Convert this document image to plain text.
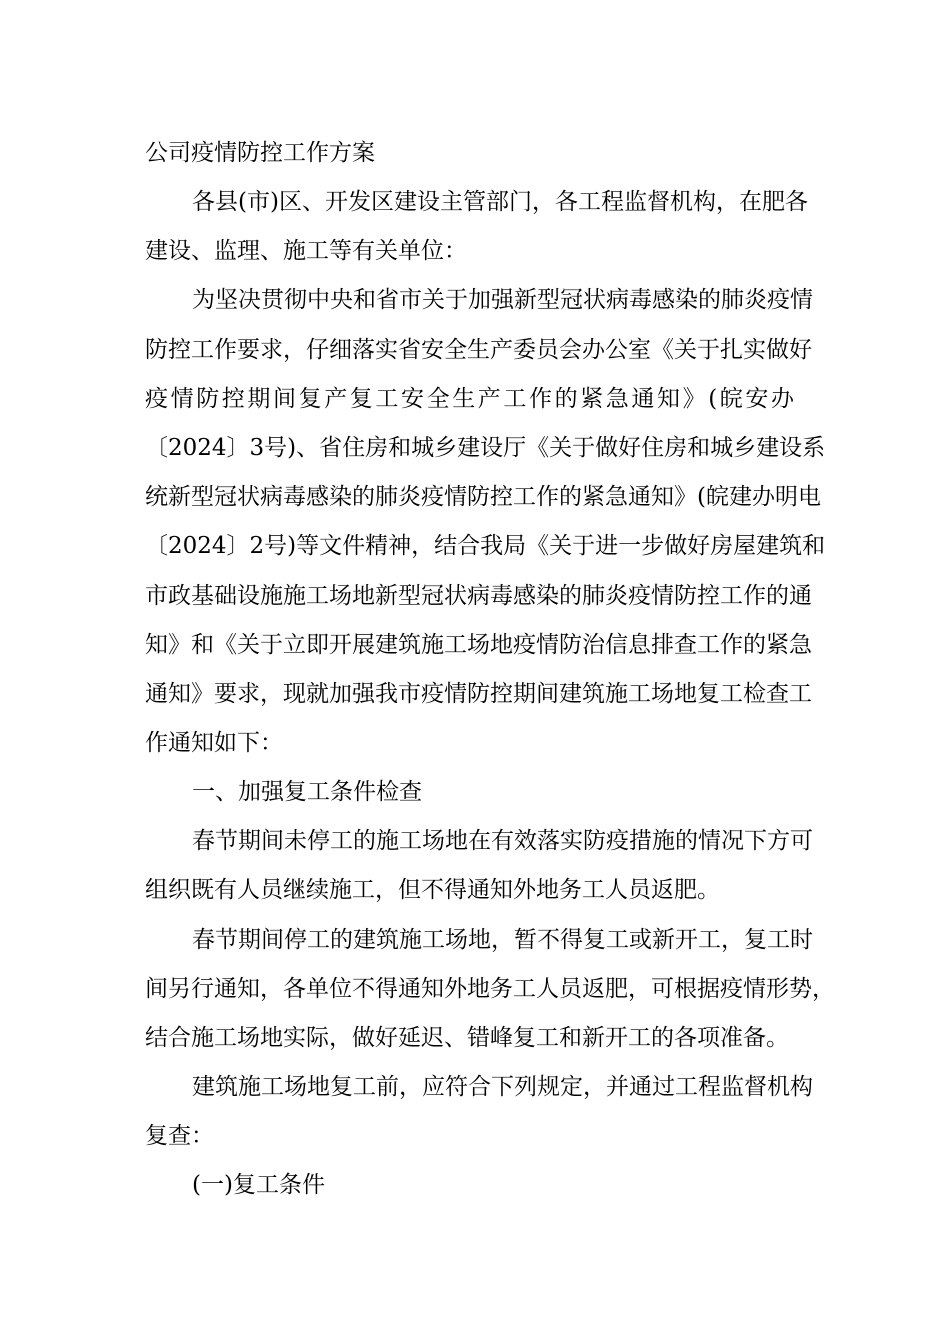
公司疫情防控工作方案

各县(市)区、开发区建设主管部门，各工程监督机构，在肥各

建设、监理、施工等有关单位：

为坚决贯彻中央和省市关于加强新型冠状病毒感染的肺炎疫情

防控工作要求，仔细落实省安全生产委员会办公室《关于扎实做好

疫情防控期间复产复工安全生产工作的紧急通知》(皖安办

〔2024〕3号)、省住房和城乡建设厅《关于做好住房和城乡建设系

统新型冠状病毒感染的肺炎疫情防控工作的紧急通知》(皖建办明电

〔2024〕2号)等文件精神，结合我局《关于进一步做好房屋建筑和

市政基础设施施工场地新型冠状病毒感染的肺炎疫情防控工作的通

知》和《关于立即开展建筑施工场地疫情防治信息排查工作的紧急

通知》要求，现就加强我市疫情防控期间建筑施工场地复工检查工

作通知如下：

一、加强复工条件检查

春节期间未停工的施工场地在有效落实防疫措施的情况下方可

组织既有人员继续施工，但不得通知外地务工人员返肥。

春节期间停工的建筑施工场地，暂不得复工或新开工，复工时

间另行通知，各单位不得通知外地务工人员返肥，可根据疫情形势，

结合施工场地实际，做好延迟、错峰复工和新开工的各项准备。

建筑施工场地复工前，应符合下列规定，并通过工程监督机构

复查：

(一)复工条件
